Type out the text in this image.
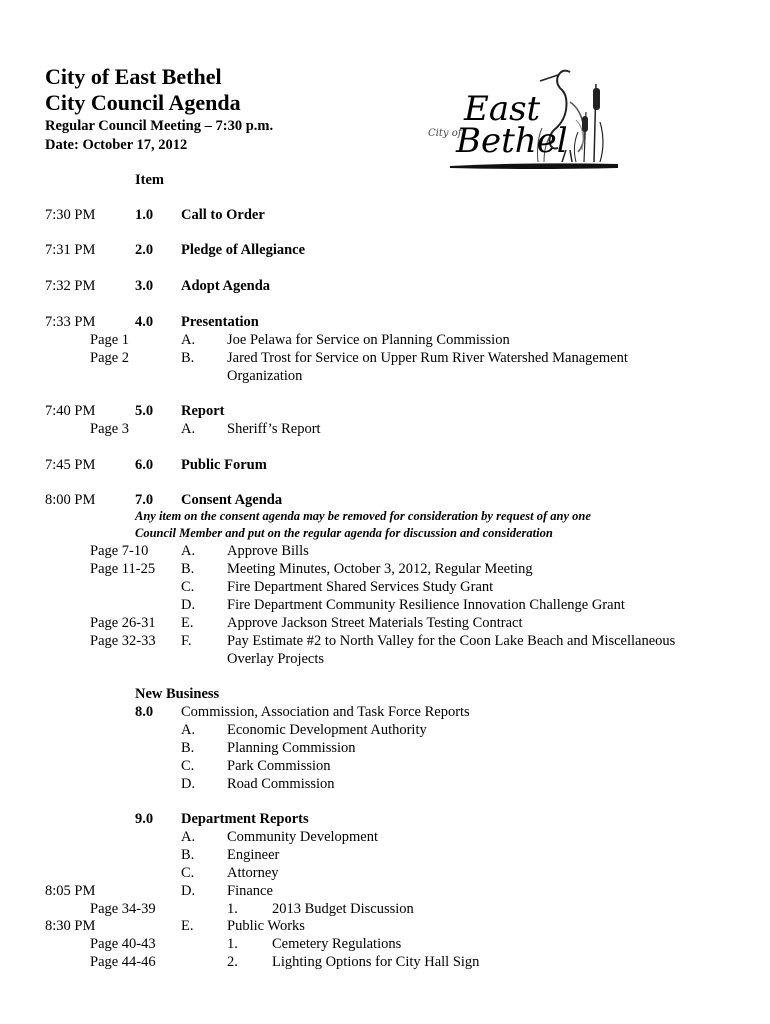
City of East Bethel
City Council Agenda
Regular Council Meeting – 7:30 p.m.
Date: October 17, 2012
East
City of
Bethel
Item
7:30 PM	1.0 Call to Order
7:31 PM	2.0 Pledge of Allegiance
7:32 PM	3.0 Adopt Agenda
7:33 PM	4.0 Presentation
Page 1	A. Joe Pelawa for Service on Planning Commission
Page 2	B. Jared Trost for Service on Upper Rum River Watershed Management
Organization
7:40 PM	5.0 Report
Page 3	A. Sheriff’s Report
7:45 PM	6.0 Public Forum
8:00 PM	7.0 Consent Agenda
Any item on the consent agenda may be removed for consideration by request of any one
Council Member and put on the regular agenda for discussion and consideration
Page 7-10 A. Approve Bills
Page 11-25 B. Meeting Minutes, October 3, 2012, Regular Meeting
C. Fire Department Shared Services Study Grant
D. Fire Department Community Resilience Innovation Challenge Grant
Page 26-31 E. Approve Jackson Street Materials Testing Contract
Page 32-33 F. Pay Estimate #2 to North Valley for the Coon Lake Beach and Miscellaneous
Overlay Projects
New Business
8.0 Commission, Association and Task Force Reports
A. Economic Development Authority
B. Planning Commission
C. Park Commission
D. Road Commission
9.0 Department Reports
A. Community Development
B. Engineer
C. Attorney
8:05 PM	D. Finance
Page 34-39	1. 2013 Budget Discussion
8:30 PM	E. Public Works
Page 40-43	1. Cemetery Regulations
Page 44-46	2. Lighting Options for City Hall Sign
